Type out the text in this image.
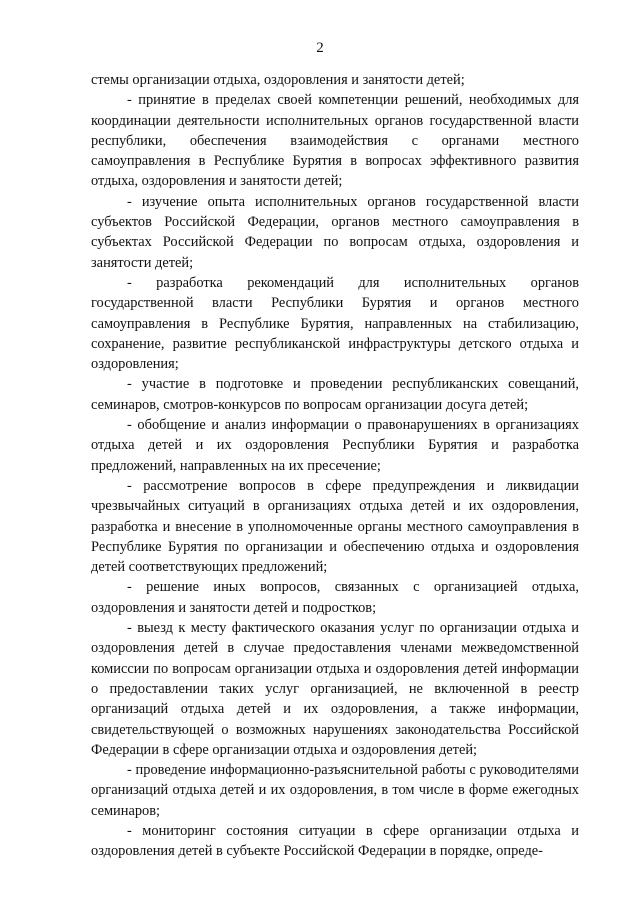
2

стемы организации отдыха, оздоровления и занятости детей;

- принятие в пределах своей компетенции решений, необходимых для координации деятельности исполнительных органов государственной власти республики, обеспечения взаимодействия с органами местного самоуправления в Республике Бурятия в вопросах эффективного развития отдыха, оздоровления и занятости детей;

- изучение опыта исполнительных органов государственной власти субъектов Российской Федерации, органов местного самоуправления в субъектах Российской Федерации по вопросам отдыха, оздоровления и занятости детей;

- разработка рекомендаций для исполнительных органов государственной власти Республики Бурятия и органов местного самоуправления в Республике Бурятия, направленных на стабилизацию, сохранение, развитие республиканской инфраструктуры детского отдыха и оздоровления;

- участие в подготовке и проведении республиканских совещаний, семинаров, смотров-конкурсов по вопросам организации досуга детей;

- обобщение и анализ информации о правонарушениях в организациях отдыха детей и их оздоровления Республики Бурятия и разработка предложений, направленных на их пресечение;

- рассмотрение вопросов в сфере предупреждения и ликвидации чрезвычайных ситуаций в организациях отдыха детей и их оздоровления, разработка и внесение в уполномоченные органы местного самоуправления в Республике Бурятия по организации и обеспечению отдыха и оздоровления детей соответствующих предложений;

- решение иных вопросов, связанных с организацией отдыха, оздоровления и занятости детей и подростков;

- выезд к месту фактического оказания услуг по организации отдыха и оздоровления детей в случае предоставления членами межведомственной комиссии по вопросам организации отдыха и оздоровления детей информации о предоставлении таких услуг организацией, не включенной в реестр организаций отдыха детей и их оздоровления, а также информации, свидетельствующей о возможных нарушениях законодательства Российской Федерации в сфере организации отдыха и оздоровления детей;

- проведение информационно-разъяснительной работы с руководителями организаций отдыха детей и их оздоровления, в том числе в форме ежегодных семинаров;

- мониторинг состояния ситуации в сфере организации отдыха и оздоровления детей в субъекте Российской Федерации в порядке, опреде-
